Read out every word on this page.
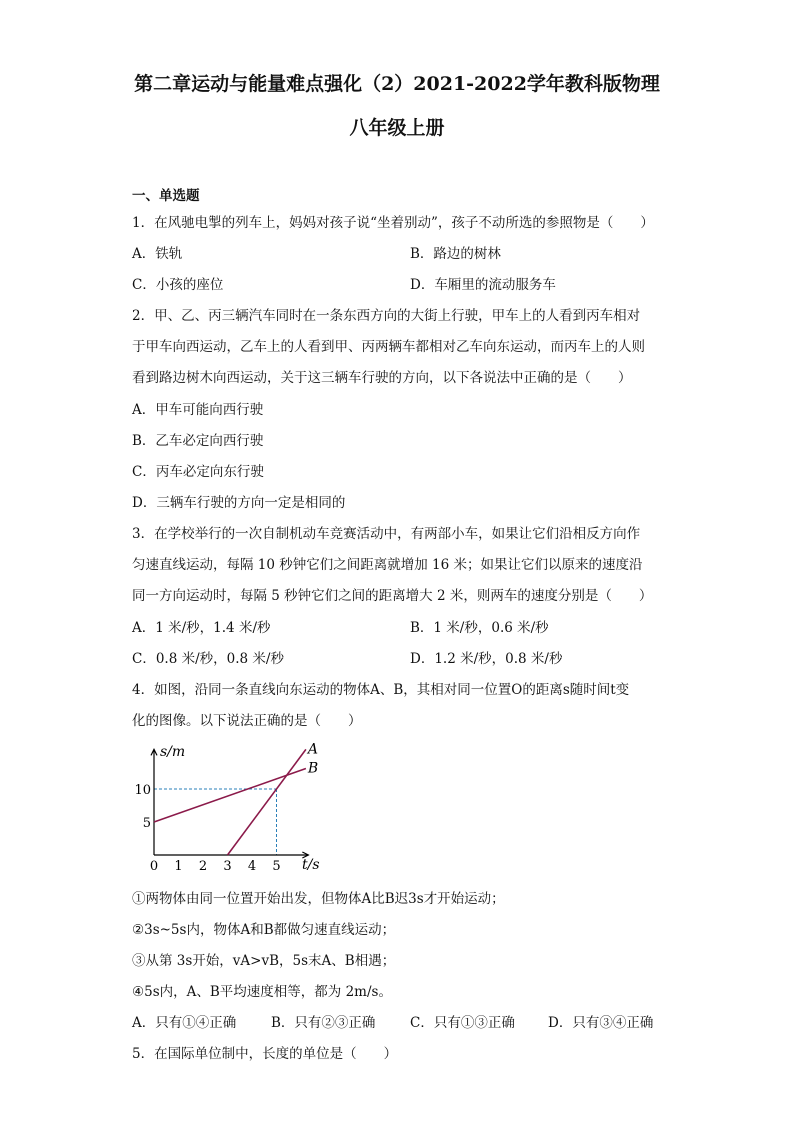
第二章运动与能量难点强化（2）2021-2022学年教科版物理
八年级上册
一、单选题
1．在风驰电掣的列车上，妈妈对孩子说“坐着别动”，孩子不动所选的参照物是（　　）
A．铁轨	B．路边的树林
C．小孩的座位	D．车厢里的流动服务车
2．甲、乙、丙三辆汽车同时在一条东西方向的大街上行驶，甲车上的人看到丙车相对
于甲车向西运动，乙车上的人看到甲、丙两辆车都相对乙车向东运动，而丙车上的人则
看到路边树木向西运动，关于这三辆车行驶的方向，以下各说法中正确的是（　　）
A．甲车可能向西行驶
B．乙车必定向西行驶
C．丙车必定向东行驶
D．三辆车行驶的方向一定是相同的
3．在学校举行的一次自制机动车竞赛活动中，有两部小车，如果让它们沿相反方向作
匀速直线运动，每隔 10 秒钟它们之间距离就增加 16 米；如果让它们以原来的速度沿
同一方向运动时，每隔 5 秒钟它们之间的距离增大 2 米，则两车的速度分别是（　　）
A．1 米/秒，1.4 米/秒	B．1 米/秒，0.6 米/秒
C．0.8 米/秒，0.8 米/秒	D．1.2 米/秒，0.8 米/秒
4．如图，沿同一条直线向东运动的物体A、B，其相对同一位置O的距离s随时间t变
化的图像。以下说法正确的是（　　）
A
B
0 1 2 3 4 5
5
10
s/m
t/s
①两物体由同一位置开始出发，但物体A比B迟3s才开始运动；
②3s~5s内，物体A和B都做匀速直线运动；
③从第 3s开始，vA>vB，5s末A、B相遇；
④5s内，A、B平均速度相等，都为 2m/s。
A．只有①④正确	B．只有②③正确	C．只有①③正确 D．只有③④正确
5．在国际单位制中，长度的单位是（　　）
